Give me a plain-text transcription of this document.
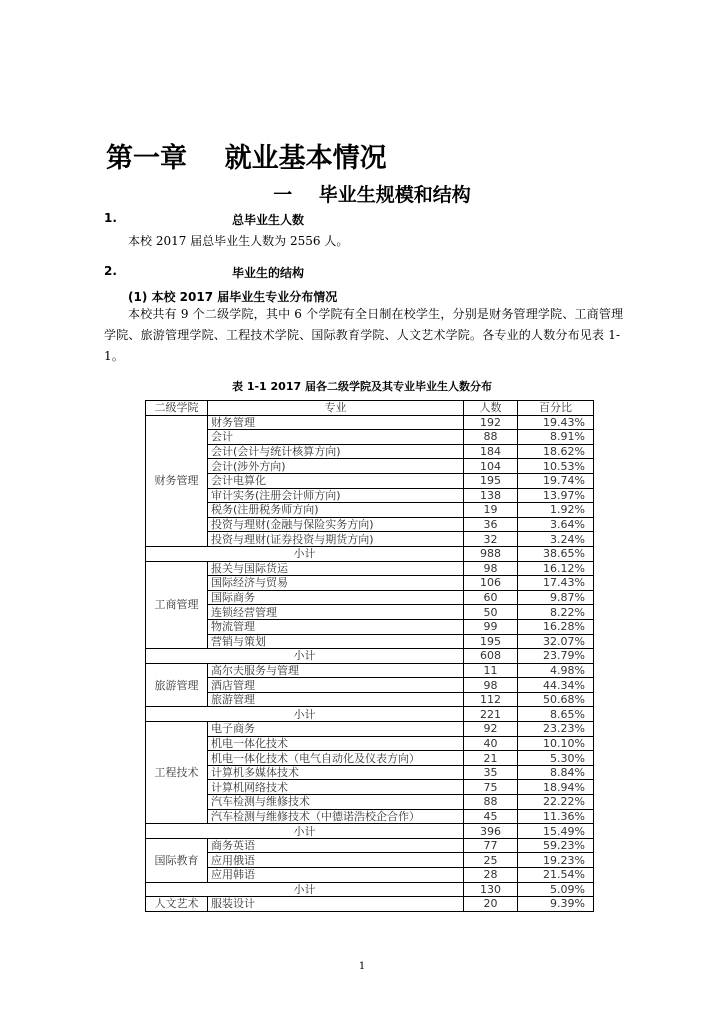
第一章    就业基本情况
一    毕业生规模和结构
1.	总毕业生人数
本校 2017 届总毕业生人数为 2556 人。
2.	毕业生的结构
(1) 本校 2017 届毕业生专业分布情况
本校共有 9 个二级学院，其中 6 个学院有全日制在校学生，分别是财务管理学院、工商管理学院、旅游管理学院、工程技术学院、国际教育学院、人文艺术学院。各专业的人数分布见表 1-1。
表 1-1 2017 届各二级学院及其专业毕业生人数分布
二级学院	专业	人数	百分比
财务管理	财务管理	192	19.43%
	会计	88	8.91%
	会计(会计与统计核算方向)	184	18.62%
	会计(涉外方向)	104	10.53%
	会计电算化	195	19.74%
	审计实务(注册会计师方向)	138	13.97%
	税务(注册税务师方向)	19	1.92%
	投资与理财(金融与保险实务方向)	36	3.64%
	投资与理财(证券投资与期货方向)	32	3.24%
小计		988	38.65%
工商管理	报关与国际货运	98	16.12%
	国际经济与贸易	106	17.43%
	国际商务	60	9.87%
	连锁经营管理	50	8.22%
	物流管理	99	16.28%
	营销与策划	195	32.07%
小计		608	23.79%
旅游管理	高尔夫服务与管理	11	4.98%
	酒店管理	98	44.34%
	旅游管理	112	50.68%
小计		221	8.65%
工程技术	电子商务	92	23.23%
	机电一体化技术	40	10.10%
	机电一体化技术（电气自动化及仪表方向）	21	5.30%
	计算机多媒体技术	35	8.84%
	计算机网络技术	75	18.94%
	汽车检测与维修技术	88	22.22%
	汽车检测与维修技术（中德诺浩校企合作）	45	11.36%
小计		396	15.49%
国际教育	商务英语	77	59.23%
	应用俄语	25	19.23%
	应用韩语	28	21.54%
小计		130	5.09%
人文艺术	服装设计	20	9.39%
1
